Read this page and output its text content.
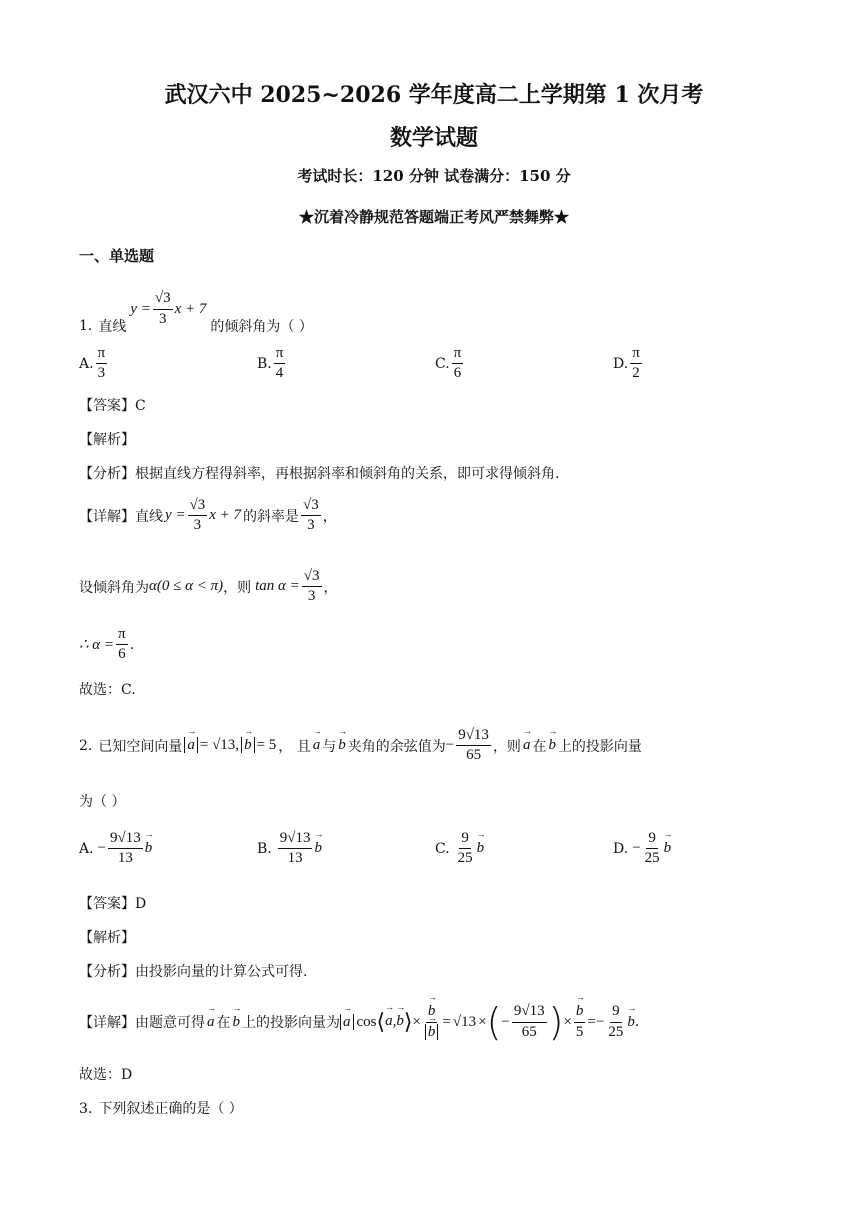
武汉六中 2025~2026 学年度高二上学期第 1 次月考
数学试题
考试时长：120 分钟 试卷满分：150 分
★沉着冷静规范答题端正考风严禁舞弊★
一、单选题
1. 直线
$y = \frac{√3}{3}$ x + 7
的倾斜角为（ ）
A. $\frac{\pi}{3}$	B. $\frac{\pi}{4}$	C. $\frac{\pi}{6}$	D. $\frac{\pi}{2}$
【答案】C
【解析】
【分析】根据直线方程得斜率，再根据斜率和倾斜角的关系，即可求得倾斜角.
【详解】直线 $y = \frac{√3}{3}$ x + 7 的斜率是 $\frac{√3}{3}$ ，
设倾斜角为 α(0 ≤ α < π) ，则 $\tan \alpha = \frac{√3}{3}$ ，
∴ $\alpha = \frac{\pi}{6}$ .
故选：C.
2. 已知空间向量
→ a = √13,
→ b = 5 ， 且
→ a 与
→ b 夹角的余弦值为 − $\frac{9√13}{65}$ ，则
→ a 在
→ b 上的投影向量
为（ ）
A. − $\frac{9√13}{13}$
→ b	B. $\frac{9√13}{13}$
→ b	C. $\frac{9}{25}$
→ b	D. − $\frac{9}{25}$
→ b
【答案】D
【解析】
【分析】由投影向量的计算公式可得.
【详解】由题意可得
→ a 在
→ b 上的投影向量为
→ a cos ⟨→ a,→ b⟩ ×
→ b
→ b = √13 × ( − $\frac{9√13}{65}$ ) ×
→ $\frac{b}{5}$ = − $\frac{9}{25}$
→ b .
故选：D
3. 下列叙述正确的是（ ）
